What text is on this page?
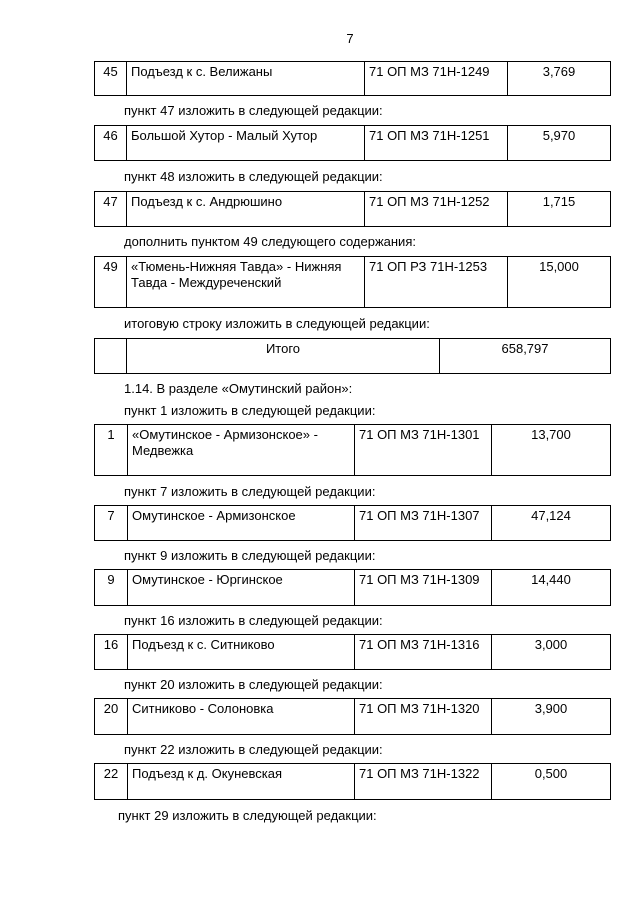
7
45	Подъезд к с. Велижаны	71 ОП МЗ 71Н-1249	3,769
пункт 47 изложить в следующей редакции:
46	Большой Хутор - Малый Хутор	71 ОП МЗ 71Н-1251	5,970
пункт 48 изложить в следующей редакции:
47	Подъезд к с. Андрюшино	71 ОП МЗ 71Н-1252	1,715
дополнить пунктом 49 следующего содержания:
49	«Тюмень-Нижняя Тавда» - Нижняя Тавда - Междуреченский	71 ОП РЗ 71Н-1253	15,000
итоговую строку изложить в следующей редакции:
	Итого	658,797
1.14. В разделе «Омутинский район»:
пункт 1 изложить в следующей редакции:
1	«Омутинское - Армизонское» - Медвежка	71 ОП МЗ 71Н-1301	13,700
пункт 7 изложить в следующей редакции:
7	Омутинское - Армизонское	71 ОП МЗ 71Н-1307	47,124
пункт 9 изложить в следующей редакции:
9	Омутинское - Юргинское	71 ОП МЗ 71Н-1309	14,440
пункт 16 изложить в следующей редакции:
16	Подъезд к с. Ситниково	71 ОП МЗ 71Н-1316	3,000
пункт 20 изложить в следующей редакции:
20	Ситниково - Солоновка	71 ОП МЗ 71Н-1320	3,900
пункт 22 изложить в следующей редакции:
22	Подъезд к д. Окуневская	71 ОП МЗ 71Н-1322	0,500
пункт 29 изложить в следующей редакции:
